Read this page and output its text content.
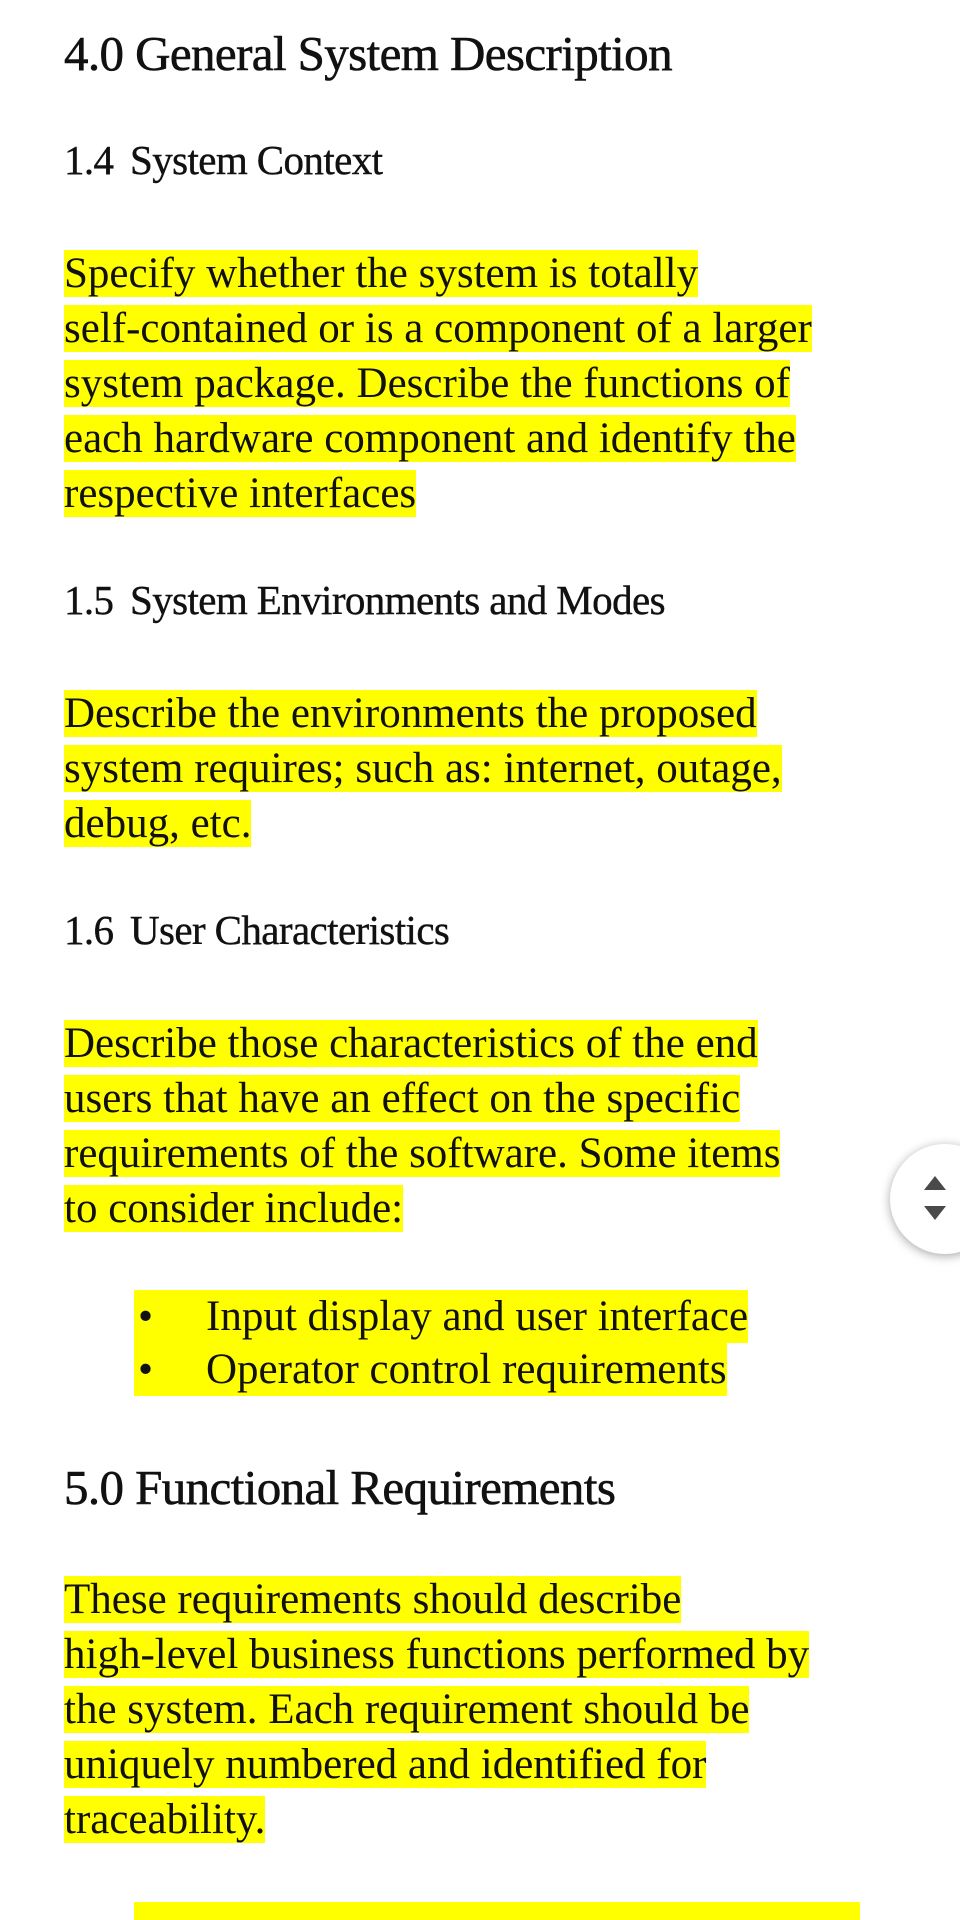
4.0 General System Description
1.4 System Context
Specify whether the system is totally
self-contained or is a component of a larger
system package. Describe the functions of
each hardware component and identify the
respective interfaces
1.5 System Environments and Modes
Describe the environments the proposed
system requires; such as: internet, outage,
debug, etc.
1.6 User Characteristics
Describe those characteristics of the end
users that have an effect on the specific
requirements of the software. Some items
to consider include:
• Input display and user interface
• Operator control requirements
5.0 Functional Requirements
These requirements should describe
high-level business functions performed by
the system. Each requirement should be
uniquely numbered and identified for
traceability.
